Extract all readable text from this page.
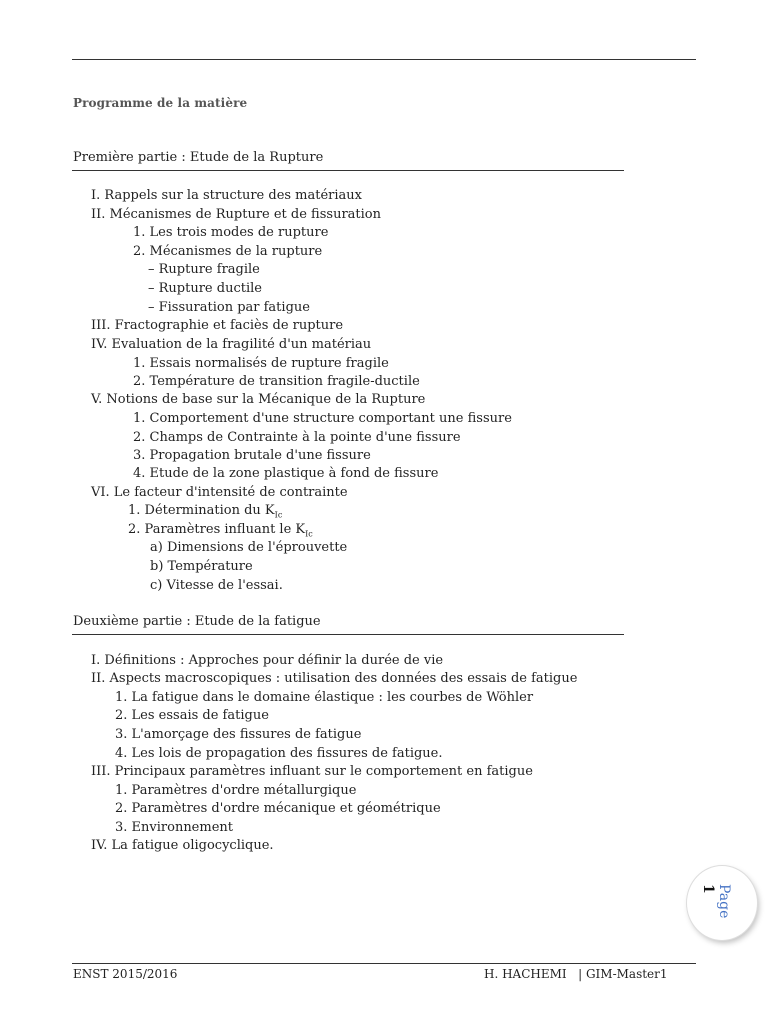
Programme de la matière
Première partie : Etude de la Rupture
I. Rappels sur la structure des matériaux
II. Mécanismes de Rupture et de fissuration
1. Les trois modes de rupture
2. Mécanismes de la rupture
– Rupture fragile
– Rupture ductile
– Fissuration par fatigue
III. Fractographie et faciès de rupture
IV. Evaluation de la fragilité d'un matériau
1. Essais normalisés de rupture fragile
2. Température de transition fragile-ductile
V. Notions de base sur la Mécanique de la Rupture
1. Comportement d'une structure comportant une fissure
2. Champs de Contrainte à la pointe d'une fissure
3. Propagation brutale d'une fissure
4. Etude de la zone plastique à fond de fissure
VI. Le facteur d'intensité de contrainte
1. Détermination du $K_{Ic}$
2. Paramètres influant le $K_{Ic}$
a) Dimensions de l'éprouvette
b) Température
c) Vitesse de l'essai.
Deuxième partie : Etude de la fatigue
I. Définitions : Approches pour définir la durée de vie
II. Aspects macroscopiques : utilisation des données des essais de fatigue
1. La fatigue dans le domaine élastique : les courbes de Wöhler
2. Les essais de fatigue
3. L'amorçage des fissures de fatigue
4. Les lois de propagation des fissures de fatigue.
III. Principaux paramètres influant sur le comportement en fatigue
1. Paramètres d'ordre métallurgique
2. Paramètres d'ordre mécanique et géométrique
3. Environnement
IV. La fatigue oligocyclique.
Page 1
ENST 2015/2016	H. HACHEMI   | GIM-Master1
